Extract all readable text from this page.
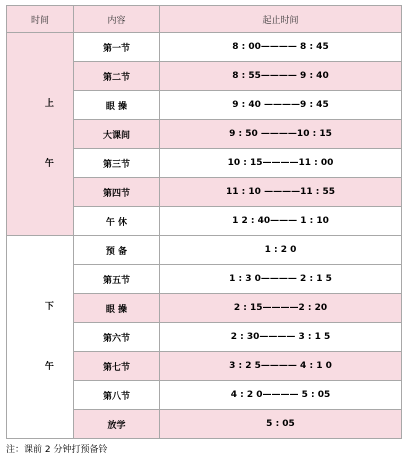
时间	内容	起止时间

上

午	第一节	8 : 00———— 8 : 45
	第二节	8 : 55———— 9 : 40
	眼 操	9 : 40 ————9 : 45
	大课间	9 : 50 ————10 : 15
	第三节	10 : 15————11 : 00
	第四节	11 : 10 ————11 : 55
	午 休	1 2 : 40——— 1 : 10

下

午	预 备	1 : 2 0
	第五节	1 : 3 0———— 2 : 1 5
	眼 操	2 : 15————2 : 20
	第六节	2 : 30———— 3 : 1 5
	第七节	3 : 2 5———— 4 : 1 0
	第八节	4 : 2 0———— 5 : 05
	放学	5 : 05
注：课前 2 分钟打预备铃
